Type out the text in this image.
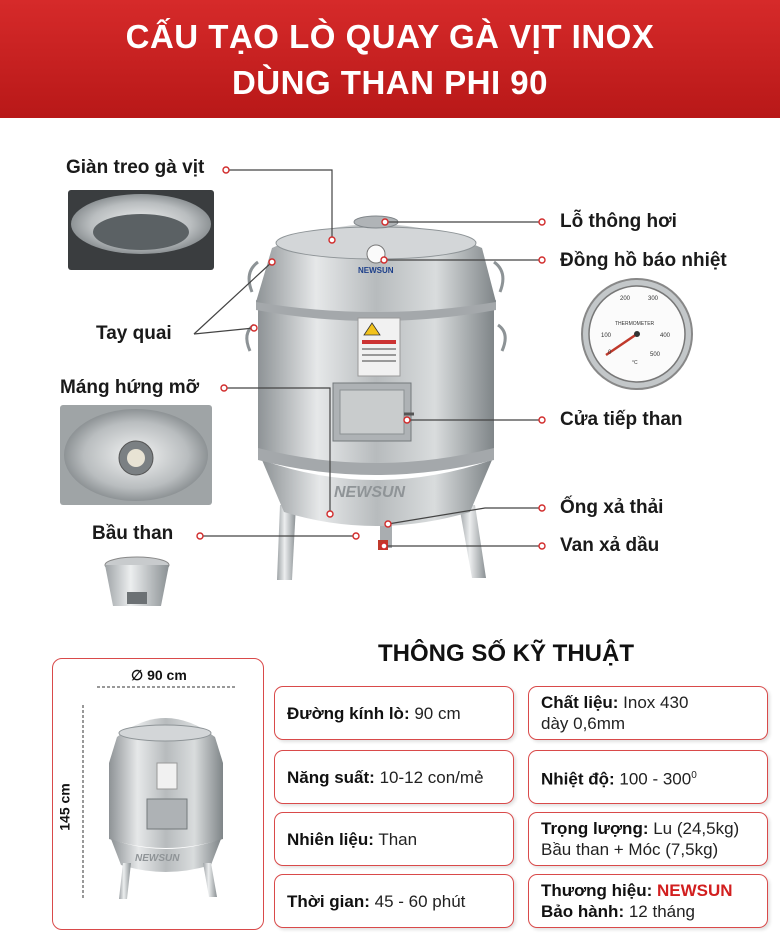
CẤU TẠO LÒ QUAY GÀ VỊT INOX
DÙNG THAN PHI 90
NEWSUN
NEWSUN
THERMOMETER
0
100
200	300
400
500
°C
Giàn treo gà vịt
Tay quai
Máng hứng mỡ
Bầu than
Lỗ thông hơi
Đồng hồ báo nhiệt
Cửa tiếp than
Ống xả thải
Van xả dầu
NEWSUN
∅ 90 cm
145 cm
THÔNG SỐ KỸ THUẬT
Đường kính lò: 90 cm
Chất liệu: Inox 430
dày 0,6mm
Năng suất: 10-12 con/mẻ	Nhiệt độ: $100 - 300^0$
Nhiên liệu: Than
Trọng lượng: Lu (24,5kg)
Bầu than + Móc (7,5kg)
Thời gian: 45 - 60 phút
Thương hiệu: NEWSUN
Bảo hành: 12 tháng
